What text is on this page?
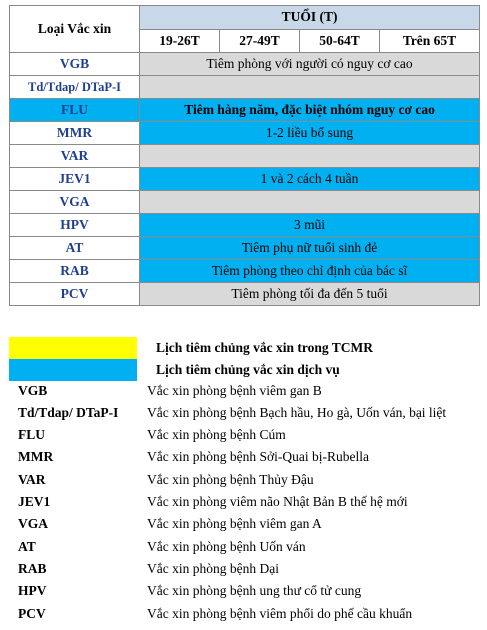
Loại Vắc xin	TUỔI (T)			
	19-26T	27-49T	50-64T	Trên 65T
VGB	Tiêm phòng với người có nguy cơ cao			
Td/Tdap/ DTaP-I				
FLU	Tiêm hàng năm, đặc biệt nhóm nguy cơ cao			
MMR	1-2 liều bổ sung			
VAR				
JEV1	1 và 2 cách 4 tuần			
VGA				
HPV	3 mũi			
AT	Tiêm phụ nữ tuổi sinh đẻ			
RAB	Tiêm phòng theo chỉ định của bác sĩ			
PCV	Tiêm phòng tối đa đến 5 tuổi			
Lịch tiêm chủng vắc xin trong TCMR
Lịch tiêm chủng vắc xin dịch vụ
VGB	Vắc xin phòng bệnh viêm gan B
Td/Tdap/ DTaP-I Vắc xin phòng bệnh Bạch hầu, Ho gà, Uốn ván, bại liệt
FLU	Vắc xin phòng bệnh Cúm
MMR	Vắc xin phòng bệnh Sởi-Quai bị-Rubella
VAR	Vắc xin phòng bệnh Thủy Đậu
JEV1	Vắc xin phòng viêm não Nhật Bản B thế hệ mới
VGA	Vắc xin phòng bệnh viêm gan A
AT	Vắc xin phòng bệnh Uốn ván
RAB	Vắc xin phòng bệnh Dại
HPV	Vắc xin phòng bệnh ung thư cổ tử cung
PCV	Vắc xin phòng bệnh viêm phổi do phế cầu khuẩn
